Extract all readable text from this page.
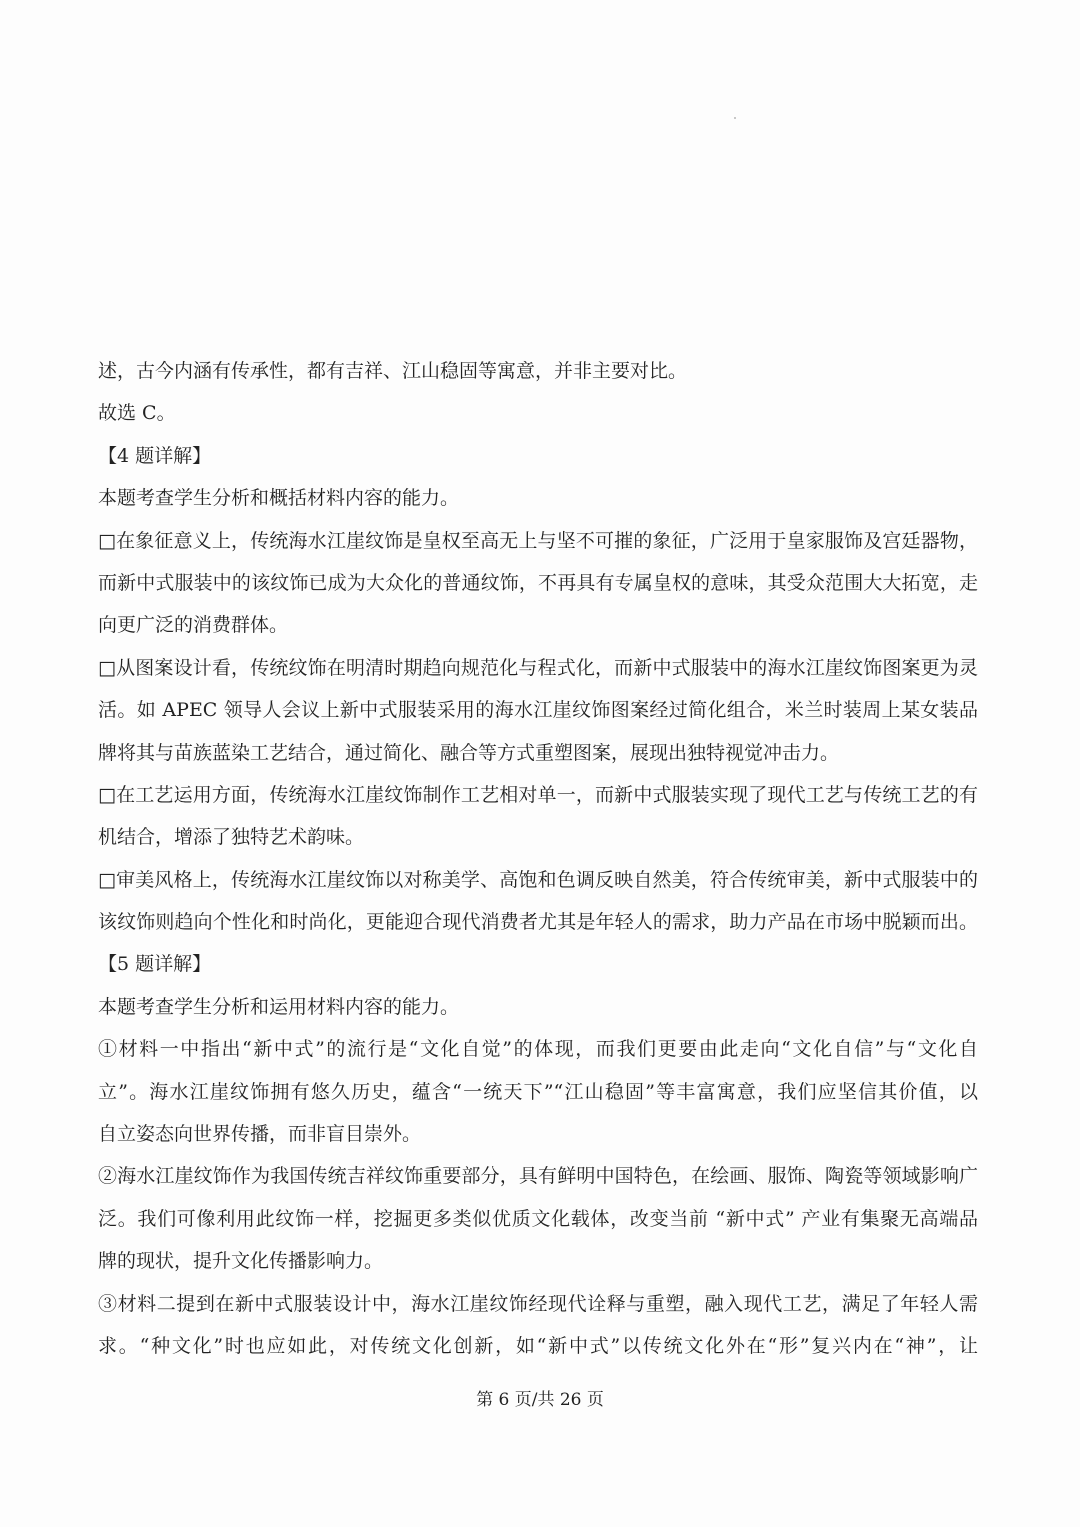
述，古今内涵有传承性，都有吉祥、江山稳固等寓意，并非主要对比。
故选 C。
【4 题详解】
本题考查学生分析和概括材料内容的能力。
□在象征意义上，传统海水江崖纹饰是皇权至高无上与坚不可摧的象征，广泛用于皇家服饰及宫廷器物，
而新中式服装中的该纹饰已成为大众化的普通纹饰，不再具有专属皇权的意味，其受众范围大大拓宽，走
向更广泛的消费群体。
□从图案设计看，传统纹饰在明清时期趋向规范化与程式化，而新中式服装中的海水江崖纹饰图案更为灵
活。如 APEC 领导人会议上新中式服装采用的海水江崖纹饰图案经过简化组合，米兰时装周上某女装品
牌将其与苗族蓝染工艺结合，通过简化、融合等方式重塑图案，展现出独特视觉冲击力。
□在工艺运用方面，传统海水江崖纹饰制作工艺相对单一，而新中式服装实现了现代工艺与传统工艺的有
机结合，增添了独特艺术韵味。
□审美风格上，传统海水江崖纹饰以对称美学、高饱和色调反映自然美，符合传统审美，新中式服装中的
该纹饰则趋向个性化和时尚化，更能迎合现代消费者尤其是年轻人的需求，助力产品在市场中脱颖而出。
【5 题详解】
本题考查学生分析和运用材料内容的能力。
①材料一中指出“新中式”的流行是“文化自觉”的体现，而我们更要由此走向“文化自信”与“文化自
立”。海水江崖纹饰拥有悠久历史，蕴含“一统天下”“江山稳固”等丰富寓意，我们应坚信其价值，以
自立姿态向世界传播，而非盲目崇外。
②海水江崖纹饰作为我国传统吉祥纹饰重要部分，具有鲜明中国特色，在绘画、服饰、陶瓷等领域影响广
泛。我们可像利用此纹饰一样，挖掘更多类似优质文化载体，改变当前 “新中式” 产业有集聚无高端品
牌的现状，提升文化传播影响力。
③材料二提到在新中式服装设计中，海水江崖纹饰经现代诠释与重塑，融入现代工艺，满足了年轻人需
求。“种文化”时也应如此，对传统文化创新，如“新中式”以传统文化外在“形”复兴内在“神”，让
第 6 页/共 26 页
